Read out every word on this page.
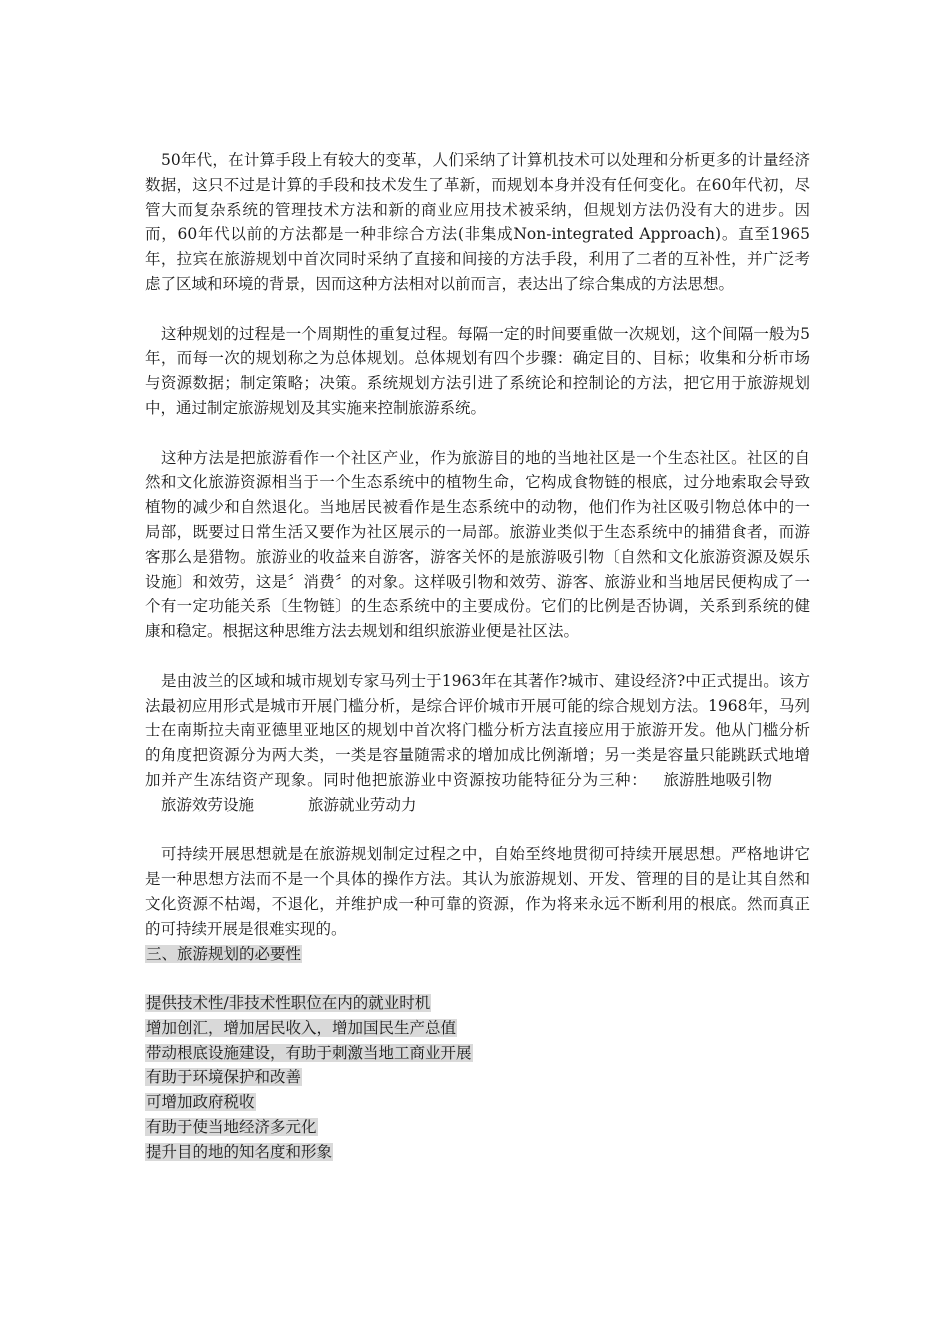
50年代，在计算手段上有较大的变革，人们采纳了计算机技术可以处理和分析更多的计量经济数据，这只不过是计算的手段和技术发生了革新，而规划本身并没有任何变化。在60年代初，尽管大而复杂系统的管理技术方法和新的商业应用技术被采纳，但规划方法仍没有大的进步。因而，60年代以前的方法都是一种非综合方法(非集成Non-integrated Approach)。直至1965年，拉宾在旅游规划中首次同时采纳了直接和间接的方法手段，利用了二者的互补性，并广泛考虑了区域和环境的背景，因而这种方法相对以前而言，表达出了综合集成的方法思想。

这种规划的过程是一个周期性的重复过程。每隔一定的时间要重做一次规划，这个间隔一般为5年，而每一次的规划称之为总体规划。总体规划有四个步骤：确定目的、目标；收集和分析市场与资源数据；制定策略；决策。系统规划方法引进了系统论和控制论的方法，把它用于旅游规划中，通过制定旅游规划及其实施来控制旅游系统。

这种方法是把旅游看作一个社区产业，作为旅游目的地的当地社区是一个生态社区。社区的自然和文化旅游资源相当于一个生态系统中的植物生命，它构成食物链的根底，过分地索取会导致植物的减少和自然退化。当地居民被看作是生态系统中的动物，他们作为社区吸引物总体中的一局部，既要过日常生活又要作为社区展示的一局部。旅游业类似于生态系统中的捕猎食者，而游客那么是猎物。旅游业的收益来自游客，游客关怀的是旅游吸引物〔自然和文化旅游资源及娱乐设施〕和效劳，这是〞消费〞的对象。这样吸引物和效劳、游客、旅游业和当地居民便构成了一个有一定功能关系〔生物链〕的生态系统中的主要成份。它们的比例是否协调，关系到系统的健康和稳定。根据这种思维方法去规划和组织旅游业便是社区法。

是由波兰的区域和城市规划专家马列士于1963年在其著作?城市、建设经济?中正式提出。该方法最初应用形式是城市开展门槛分析，是综合评价城市开展可能的综合规划方法。1968年，马列士在南斯拉夫南亚德里亚地区的规划中首次将门槛分析方法直接应用于旅游开发。他从门槛分析的角度把资源分为两大类，一类是容量随需求的增加成比例渐增；另一类是容量只能跳跃式地增加并产生冻结资产现象。同时他把旅游业中资源按功能特征分为三种： 旅游胜地吸引物旅游效劳设施	旅游就业劳动力

可持续开展思想就是在旅游规划制定过程之中，自始至终地贯彻可持续开展思想。严格地讲它是一种思想方法而不是一个具体的操作方法。其认为旅游规划、开发、管理的目的是让其自然和文化资源不枯竭，不退化，并维护成一种可靠的资源，作为将来永远不断利用的根底。然而真正的可持续开展是很难实现的。

三、旅游规划的必要性
提供技术性/非技术性职位在内的就业时机
增加创汇，增加居民收入，增加国民生产总值
带动根底设施建设，有助于刺激当地工商业开展
有助于环境保护和改善
可增加政府税收
有助于使当地经济多元化
提升目的地的知名度和形象
